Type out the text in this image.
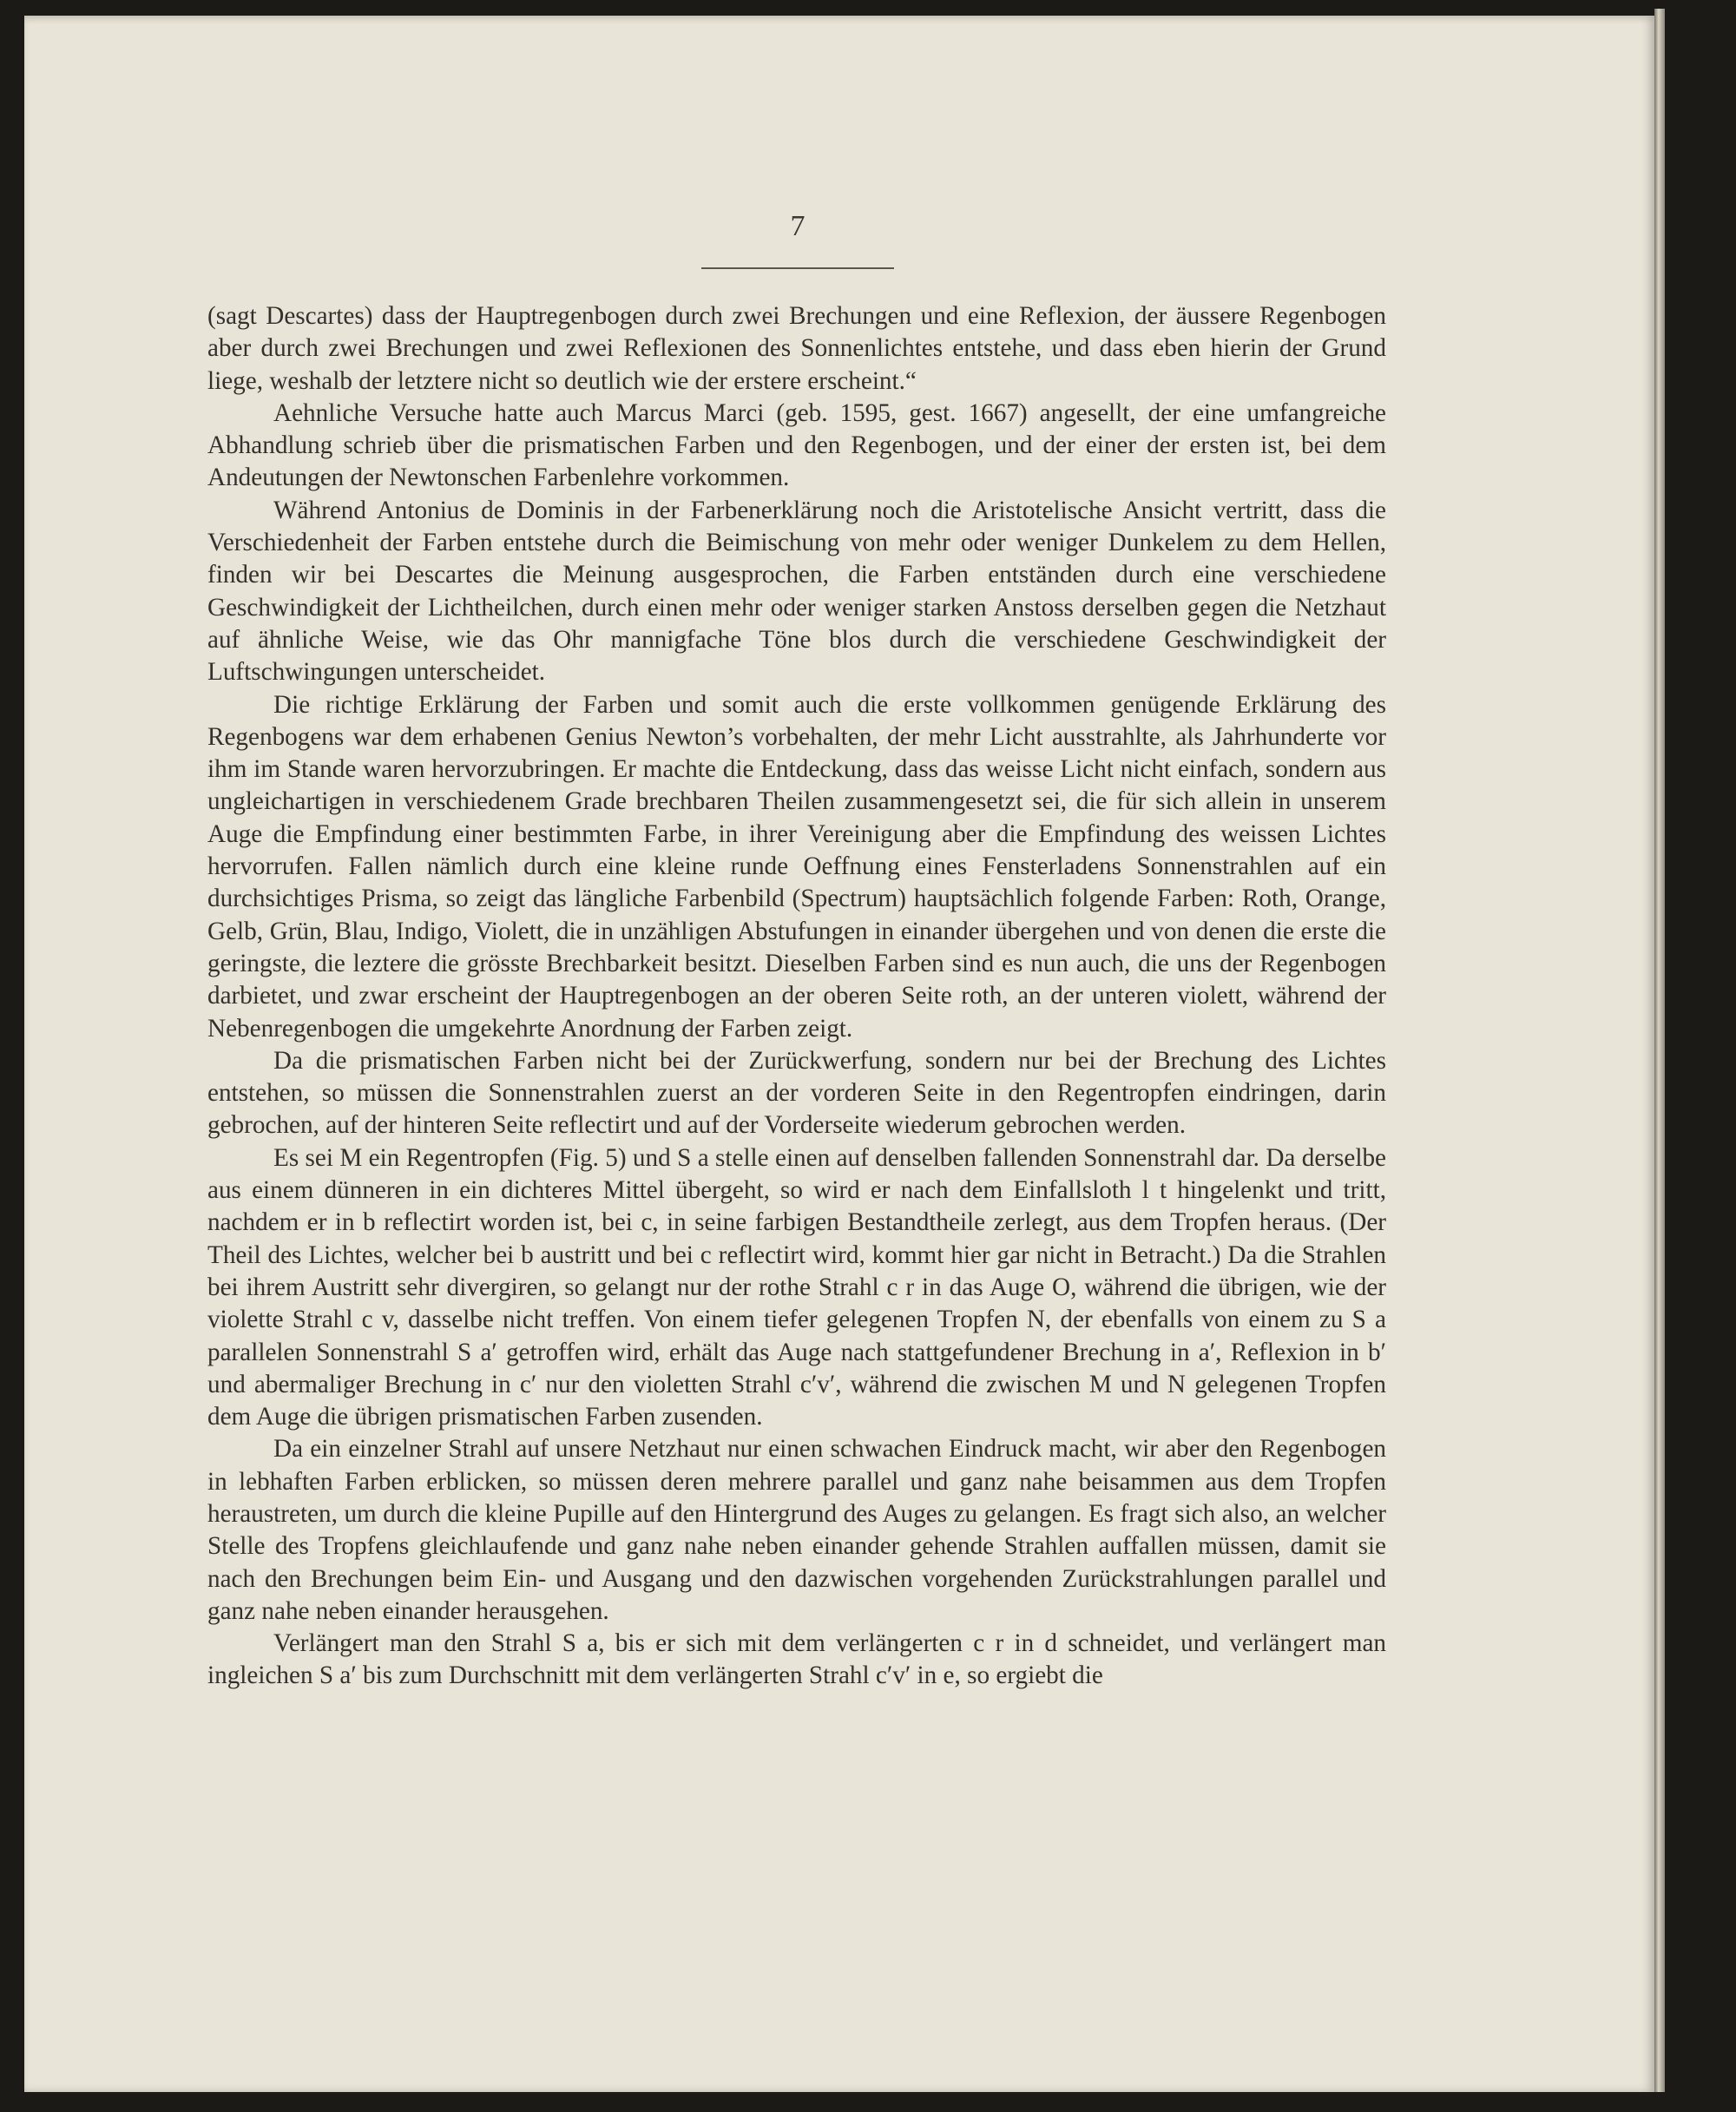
7

(sagt Descartes) dass der Hauptregenbogen durch zwei Brechungen und eine Reflexion, der äussere Regenbogen aber durch zwei Brechungen und zwei Reflexionen des Sonnenlichtes entstehe, und dass eben hierin der Grund liege, weshalb der letztere nicht so deutlich wie der erstere erscheint.“

Aehnliche Versuche hatte auch Marcus Marci (geb. 1595, gest. 1667) angesellt, der eine umfangreiche Abhandlung schrieb über die prismatischen Farben und den Regenbogen, und der einer der ersten ist, bei dem Andeutungen der Newtonschen Farbenlehre vorkommen.

Während Antonius de Dominis in der Farbenerklärung noch die Aristotelische Ansicht vertritt, dass die Verschiedenheit der Farben entstehe durch die Beimischung von mehr oder weniger Dunkelem zu dem Hellen, finden wir bei Descartes die Meinung ausgesprochen, die Farben entständen durch eine verschiedene Geschwindigkeit der Lichtheilchen, durch einen mehr oder weniger starken Anstoss derselben gegen die Netzhaut auf ähnliche Weise, wie das Ohr mannigfache Töne blos durch die verschiedene Geschwindigkeit der Luftschwingungen unterscheidet.

Die richtige Erklärung der Farben und somit auch die erste vollkommen genügende Erklärung des Regenbogens war dem erhabenen Genius Newton’s vorbehalten, der mehr Licht ausstrahlte, als Jahrhunderte vor ihm im Stande waren hervorzubringen. Er machte die Entdeckung, dass das weisse Licht nicht einfach, sondern aus ungleichartigen in verschiedenem Grade brechbaren Theilen zusammengesetzt sei, die für sich allein in unserem Auge die Empfindung einer bestimmten Farbe, in ihrer Vereinigung aber die Empfindung des weissen Lichtes hervorrufen. Fallen nämlich durch eine kleine runde Oeffnung eines Fensterladens Sonnenstrahlen auf ein durchsichtiges Prisma, so zeigt das längliche Farbenbild (Spectrum) hauptsächlich folgende Farben: Roth, Orange, Gelb, Grün, Blau, Indigo, Violett, die in unzähligen Abstufungen in einander übergehen und von denen die erste die geringste, die leztere die grösste Brechbarkeit besitzt. Dieselben Farben sind es nun auch, die uns der Regenbogen darbietet, und zwar erscheint der Hauptregenbogen an der oberen Seite roth, an der unteren violett, während der Nebenregenbogen die umgekehrte Anordnung der Farben zeigt.

Da die prismatischen Farben nicht bei der Zurückwerfung, sondern nur bei der Brechung des Lichtes entstehen, so müssen die Sonnenstrahlen zuerst an der vorderen Seite in den Regentropfen eindringen, darin gebrochen, auf der hinteren Seite reflectirt und auf der Vorderseite wiederum gebrochen werden.

Es sei M ein Regentropfen (Fig. 5) und S a stelle einen auf denselben fallenden Sonnenstrahl dar. Da derselbe aus einem dünneren in ein dichteres Mittel übergeht, so wird er nach dem Einfallsloth l t hingelenkt und tritt, nachdem er in b reflectirt worden ist, bei c, in seine farbigen Bestandtheile zerlegt, aus dem Tropfen heraus. (Der Theil des Lichtes, welcher bei b austritt und bei c reflectirt wird, kommt hier gar nicht in Betracht.) Da die Strahlen bei ihrem Austritt sehr divergiren, so gelangt nur der rothe Strahl c r in das Auge O, während die übrigen, wie der violette Strahl c v, dasselbe nicht treffen. Von einem tiefer gelegenen Tropfen N, der ebenfalls von einem zu S a parallelen Sonnenstrahl S a′ getroffen wird, erhält das Auge nach stattgefundener Brechung in a′, Reflexion in b′ und abermaliger Brechung in c′ nur den violetten Strahl c′v′, während die zwischen M und N gelegenen Tropfen dem Auge die übrigen prismatischen Farben zusenden.

Da ein einzelner Strahl auf unsere Netzhaut nur einen schwachen Eindruck macht, wir aber den Regenbogen in lebhaften Farben erblicken, so müssen deren mehrere parallel und ganz nahe beisammen aus dem Tropfen heraustreten, um durch die kleine Pupille auf den Hintergrund des Auges zu gelangen. Es fragt sich also, an welcher Stelle des Tropfens gleichlaufende und ganz nahe neben einander gehende Strahlen auffallen müssen, damit sie nach den Brechungen beim Ein- und Ausgang und den dazwischen vorgehenden Zurückstrahlungen parallel und ganz nahe neben einander herausgehen.

Verlängert man den Strahl S a, bis er sich mit dem verlängerten c r in d schneidet, und verlängert man ingleichen S a′ bis zum Durchschnitt mit dem verlängerten Strahl c′v′ in e, so ergiebt die
